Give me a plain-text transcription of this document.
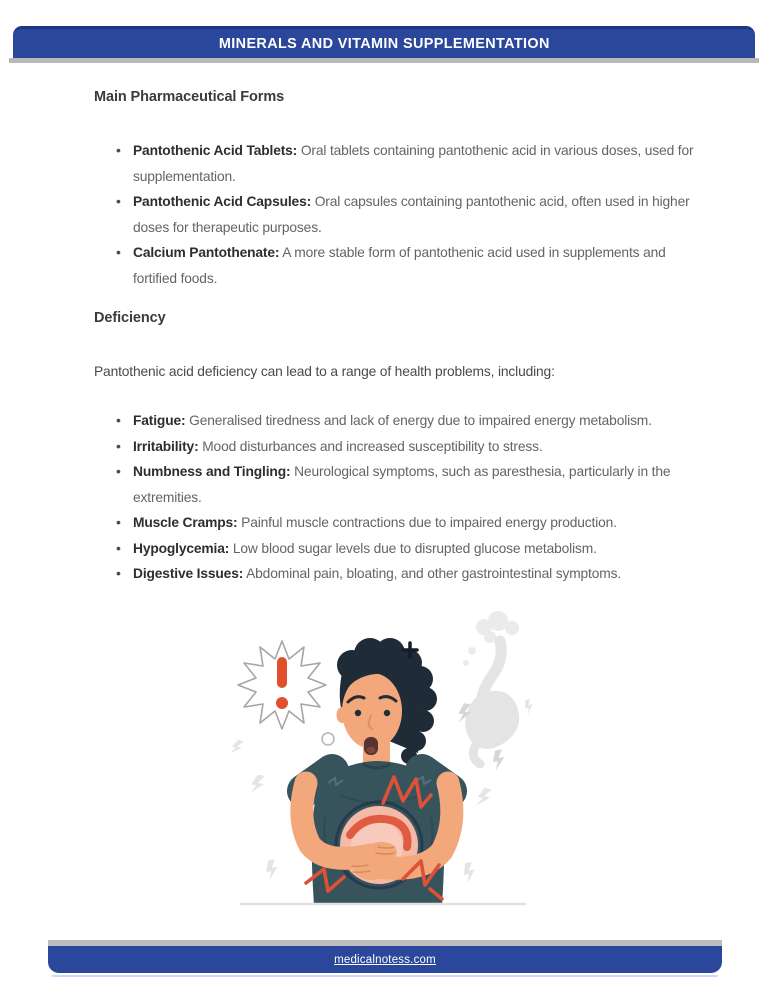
MINERALS AND VITAMIN SUPPLEMENTATION
Main Pharmaceutical Forms
• Pantothenic Acid Tablets: Oral tablets containing pantothenic acid in various doses, used for supplementation.
• Pantothenic Acid Capsules: Oral capsules containing pantothenic acid, often used in higher doses for therapeutic purposes.
• Calcium Pantothenate: A more stable form of pantothenic acid used in supplements and fortified foods.
Deficiency

Pantothenic acid deficiency can lead to a range of health problems, including:

• Fatigue: Generalised tiredness and lack of energy due to impaired energy metabolism.
• Irritability: Mood disturbances and increased susceptibility to stress.
• Numbness and Tingling: Neurological symptoms, such as paresthesia, particularly in the extremities.
• Muscle Cramps: Painful muscle contractions due to impaired energy production.
• Hypoglycemia: Low blood sugar levels due to disrupted glucose metabolism.
• Digestive Issues: Abdominal pain, bloating, and other gastrointestinal symptoms.
medicalnotess.com
